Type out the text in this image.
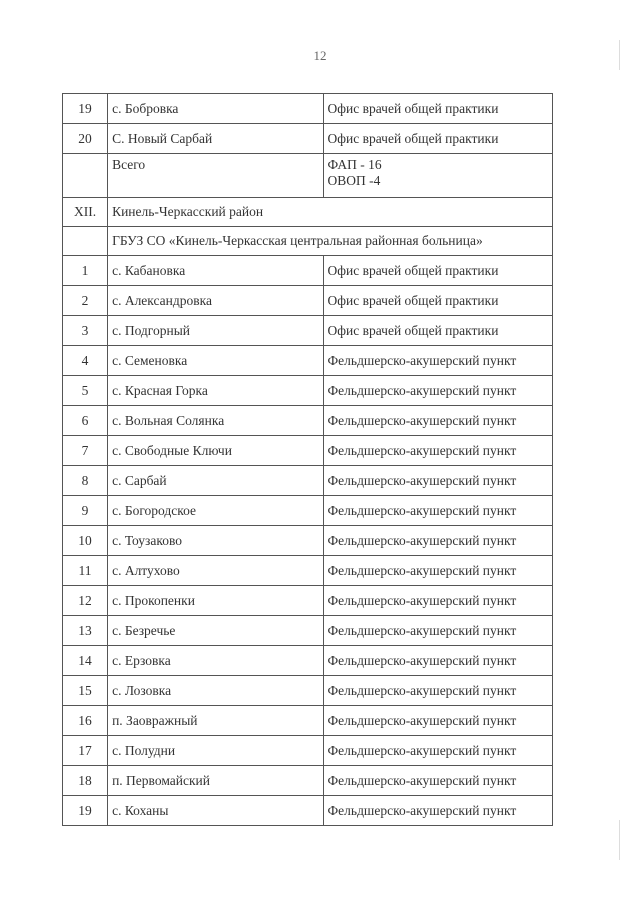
12
19	с. Бобровка	Офис врачей общей практики
20	С. Новый Сарбай	Офис врачей общей практики
	Всего	ФАП - 16
ОВОП -4

XII.	Кинель-Черкасский район	
	ГБУЗ СО «Кинель-Черкасская центральная районная больница»	
1	с. Кабановка	Офис врачей общей практики
2	с. Александровка	Офис врачей общей практики
3	с. Подгорный	Офис врачей общей практики
4	с. Семеновка	Фельдшерско-акушерский пункт
5	с. Красная Горка	Фельдшерско-акушерский пункт
6	с. Вольная Солянка	Фельдшерско-акушерский пункт
7	с. Свободные Ключи	Фельдшерско-акушерский пункт
8	с. Сарбай	Фельдшерско-акушерский пункт
9	с. Богородское	Фельдшерско-акушерский пункт
10	с. Тоузаково	Фельдшерско-акушерский пункт
11	с. Алтухово	Фельдшерско-акушерский пункт
12	с. Прокопенки	Фельдшерско-акушерский пункт
13	с. Безречье	Фельдшерско-акушерский пункт
14	с. Ерзовка	Фельдшерско-акушерский пункт
15	с. Лозовка	Фельдшерско-акушерский пункт
16	п. Заовражный	Фельдшерско-акушерский пункт
17	с. Полудни	Фельдшерско-акушерский пункт
18	п. Первомайский	Фельдшерско-акушерский пункт
19	с. Коханы	Фельдшерско-акушерский пункт
